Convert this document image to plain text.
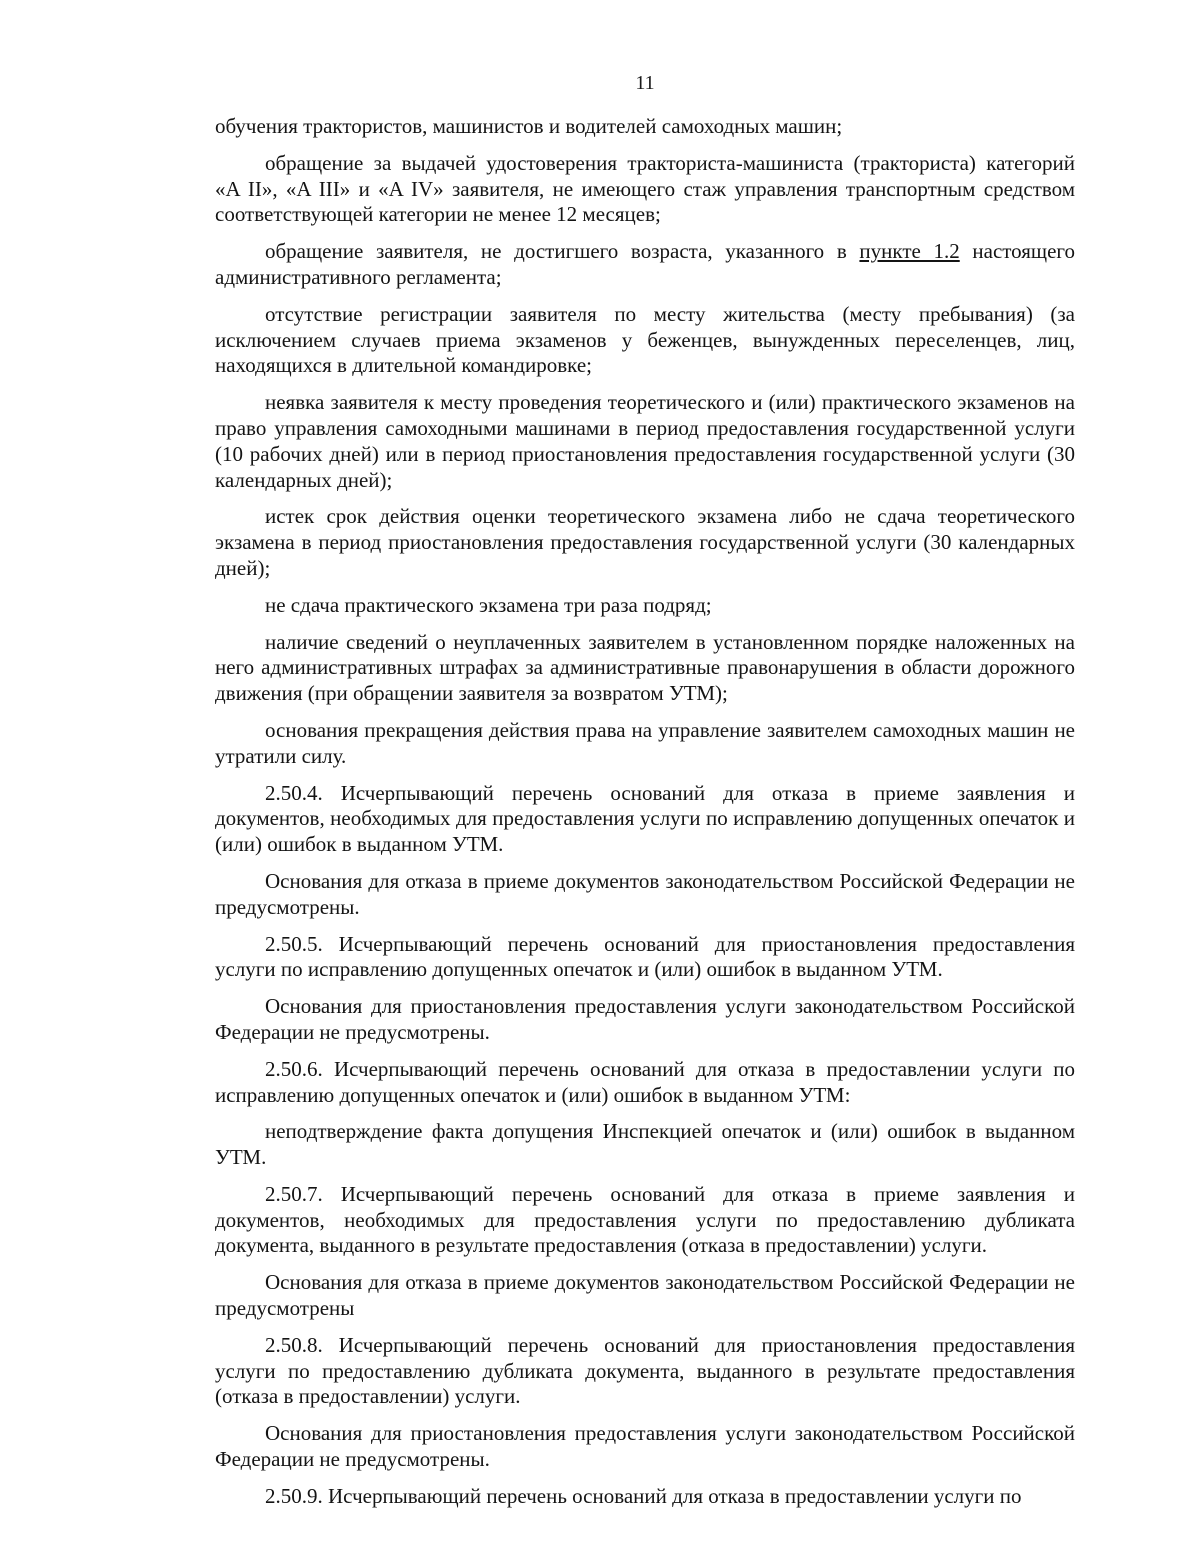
11

обучения трактористов, машинистов и водителей самоходных машин;

обращение за выдачей удостоверения тракториста-машиниста (тракториста) категорий «A II», «A III» и «A IV» заявителя, не имеющего стаж управления транспортным средством соответствующей категории не менее 12 месяцев;

обращение заявителя, не достигшего возраста, указанного в пункте 1.2 настоящего административного регламента;

отсутствие регистрации заявителя по месту жительства (месту пребывания) (за исключением случаев приема экзаменов у беженцев, вынужденных переселенцев, лиц, находящихся в длительной командировке;

неявка заявителя к месту проведения теоретического и (или) практического экзаменов на право управления самоходными машинами в период предоставления государственной услуги (10 рабочих дней) или в период приостановления предоставления государственной услуги (30 календарных дней);

истек срок действия оценки теоретического экзамена либо не сдача теоретического экзамена в период приостановления предоставления государственной услуги (30 календарных дней);

не сдача практического экзамена три раза подряд;

наличие сведений о неуплаченных заявителем в установленном порядке наложенных на него административных штрафах за административные правонарушения в области дорожного движения (при обращении заявителя за возвратом УТМ);

основания прекращения действия права на управление заявителем самоходных машин не утратили силу.

2.50.4. Исчерпывающий перечень оснований для отказа в приеме заявления и документов, необходимых для предоставления услуги по исправлению допущенных опечаток и (или) ошибок в выданном УТМ.

Основания для отказа в приеме документов законодательством Российской Федерации не предусмотрены.

2.50.5. Исчерпывающий перечень оснований для приостановления предоставления услуги по исправлению допущенных опечаток и (или) ошибок в выданном УТМ.

Основания для приостановления предоставления услуги законодательством Российской Федерации не предусмотрены.

2.50.6. Исчерпывающий перечень оснований для отказа в предоставлении услуги по исправлению допущенных опечаток и (или) ошибок в выданном УТМ:

неподтверждение факта допущения Инспекцией опечаток и (или) ошибок в выданном УТМ.

2.50.7. Исчерпывающий перечень оснований для отказа в приеме заявления и документов, необходимых для предоставления услуги по предоставлению дубликата документа, выданного в результате предоставления (отказа в предоставлении) услуги.

Основания для отказа в приеме документов законодательством Российской Федерации не предусмотрены

2.50.8. Исчерпывающий перечень оснований для приостановления предоставления услуги по предоставлению дубликата документа, выданного в результате предоставления (отказа в предоставлении) услуги.

Основания для приостановления предоставления услуги законодательством Российской Федерации не предусмотрены.

2.50.9. Исчерпывающий перечень оснований для отказа в предоставлении услуги по
